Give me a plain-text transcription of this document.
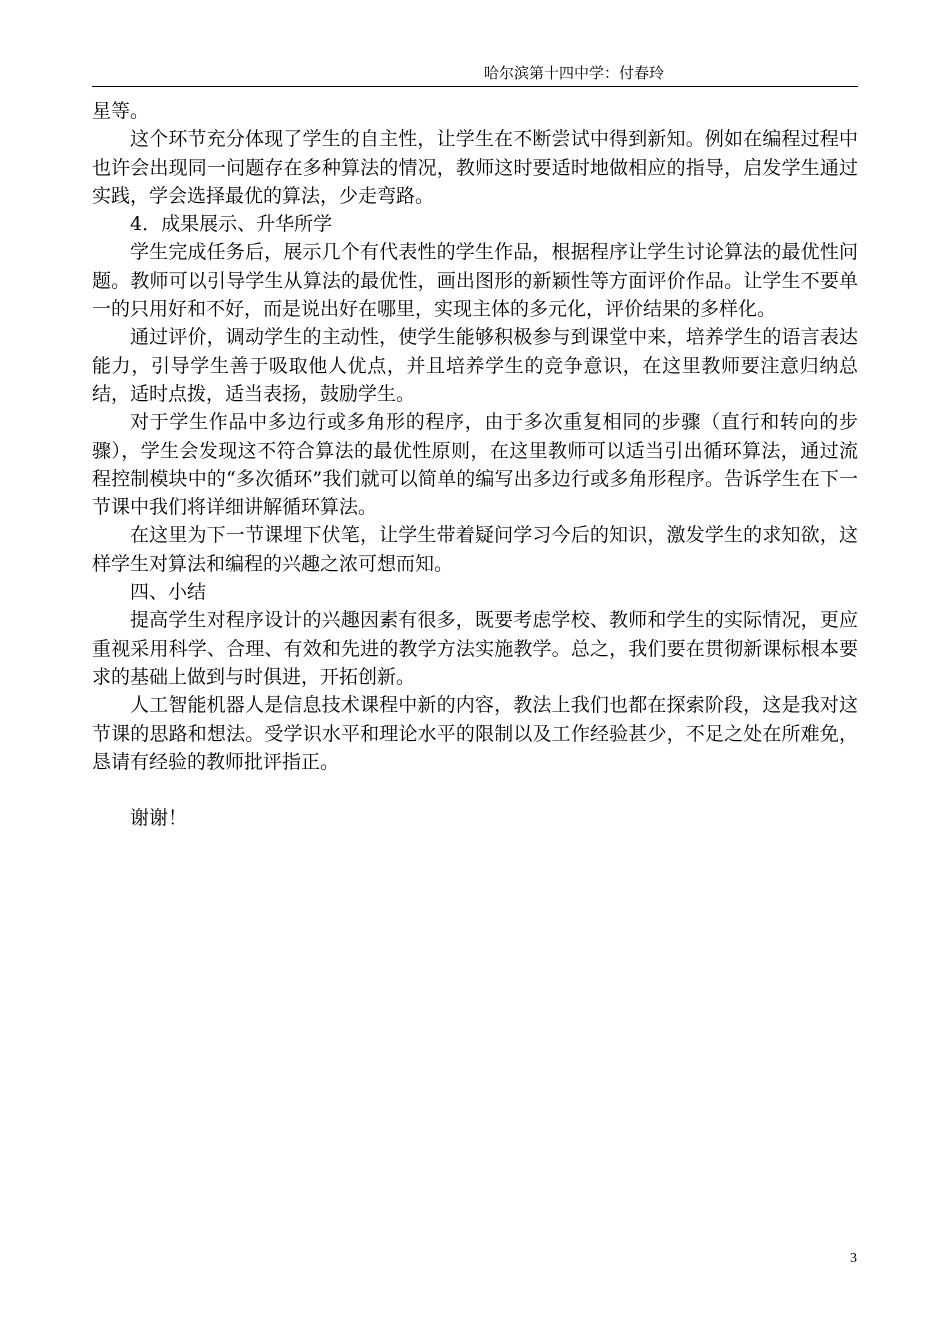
哈尔滨第十四中学：付春玲

星等。

这个环节充分体现了学生的自主性，让学生在不断尝试中得到新知。例如在编程过程中也许会出现同一问题存在多种算法的情况，教师这时要适时地做相应的指导，启发学生通过实践，学会选择最优的算法，少走弯路。

4．成果展示、升华所学

学生完成任务后，展示几个有代表性的学生作品，根据程序让学生讨论算法的最优性问题。教师可以引导学生从算法的最优性，画出图形的新颖性等方面评价作品。让学生不要单一的只用好和不好，而是说出好在哪里，实现主体的多元化，评价结果的多样化。

通过评价，调动学生的主动性，使学生能够积极参与到课堂中来，培养学生的语言表达能力，引导学生善于吸取他人优点，并且培养学生的竞争意识，在这里教师要注意归纳总结，适时点拨，适当表扬，鼓励学生。

对于学生作品中多边行或多角形的程序，由于多次重复相同的步骤（直行和转向的步骤），学生会发现这不符合算法的最优性原则，在这里教师可以适当引出循环算法，通过流程控制模块中的“多次循环”我们就可以简单的编写出多边行或多角形程序。告诉学生在下一节课中我们将详细讲解循环算法。

在这里为下一节课埋下伏笔，让学生带着疑问学习今后的知识，激发学生的求知欲，这样学生对算法和编程的兴趣之浓可想而知。

四、小结

提高学生对程序设计的兴趣因素有很多，既要考虑学校、教师和学生的实际情况，更应重视采用科学、合理、有效和先进的教学方法实施教学。总之，我们要在贯彻新课标根本要求的基础上做到与时俱进，开拓创新。

人工智能机器人是信息技术课程中新的内容，教法上我们也都在探索阶段，这是我对这节课的思路和想法。受学识水平和理论水平的限制以及工作经验甚少，不足之处在所难免，恳请有经验的教师批评指正。

谢谢！

3
